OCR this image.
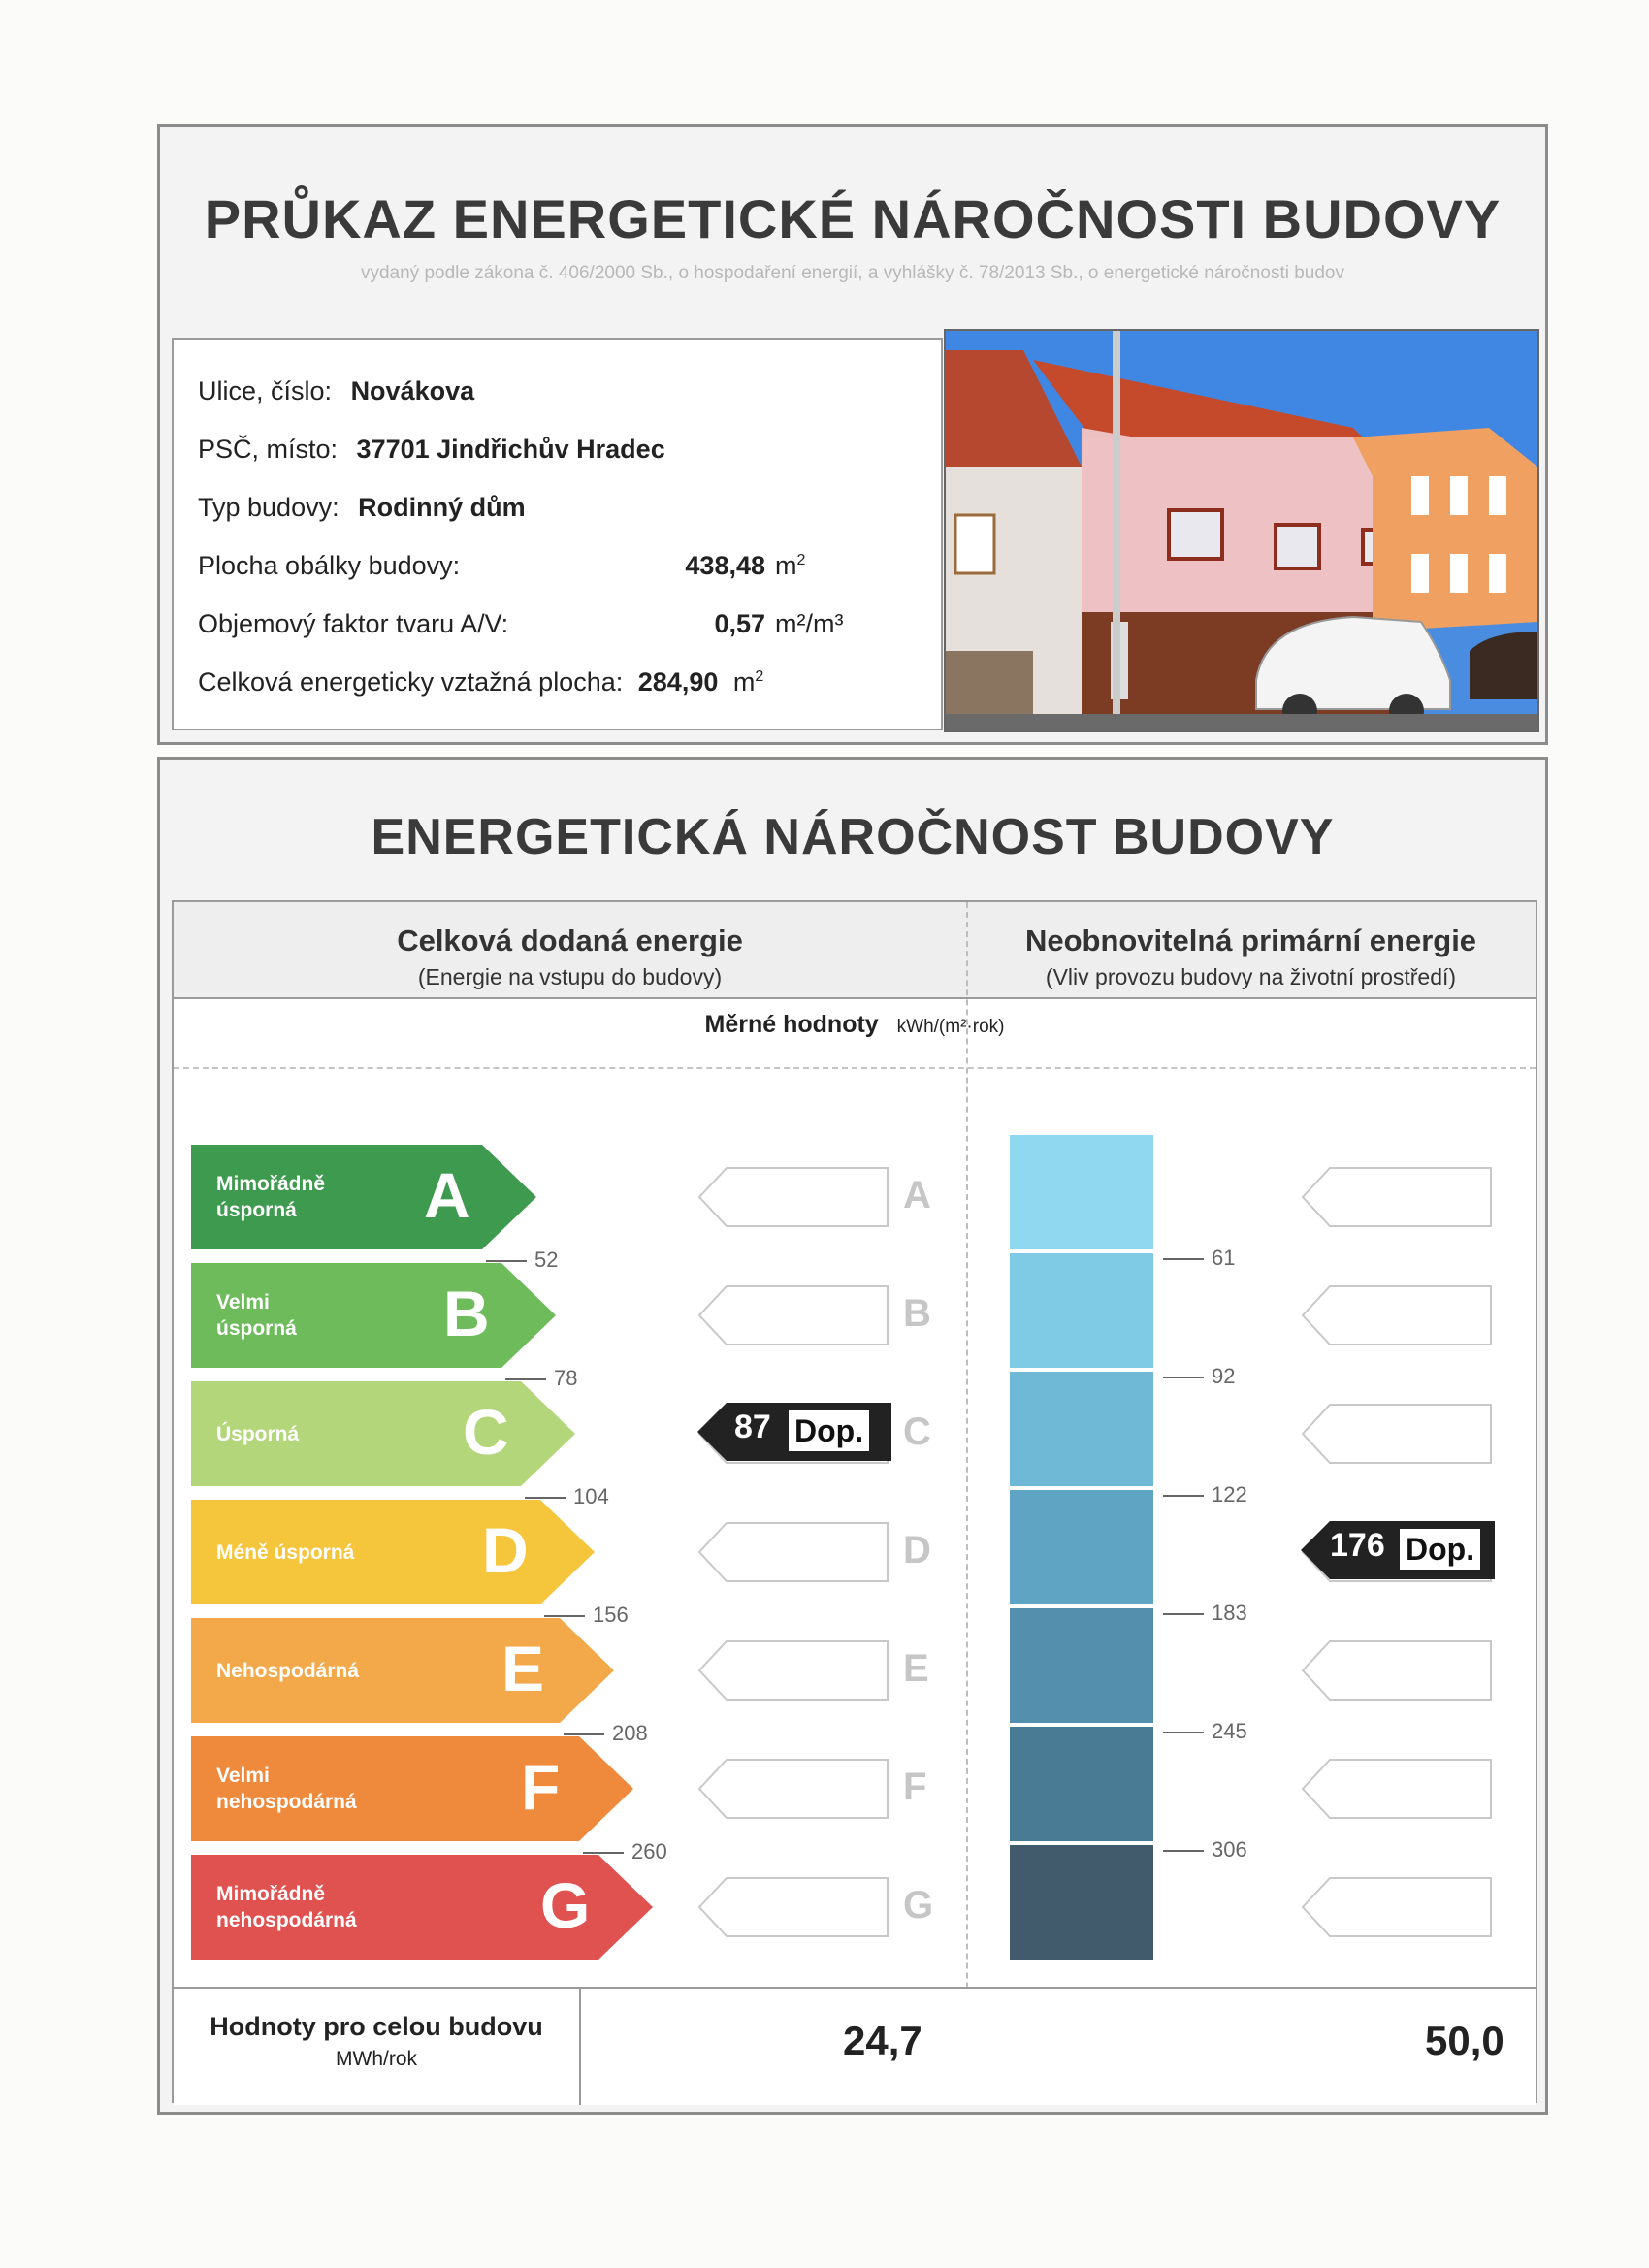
PRŮKAZ ENERGETICKÉ NÁROČNOSTI BUDOVY
vydaný podle zákona č. 406/2000 Sb., o hospodaření energií, a vyhlášky č. 78/2013 Sb., o energetické náročnosti budov
Ulice, číslo: Novákova
PSČ, místo: 37701 Jindřichův Hradec
Typ budovy: Rodinný dům
Plocha obálky budovy:	438,48 $m^2$
Objemový faktor tvaru A/V:	0,57 m²/m³
Celková energeticky vztažná plocha: 284,90 $m^2$
ENERGETICKÁ NÁROČNOST BUDOVY
Celková dodaná energie
(Energie na vstupu do budovy)
Neobnovitelná primární energie
(Vliv provozu budovy na životní prostředí)
Měrné hodnoty kWh/(m²·rok)
Hodnoty pro celou budovu
MWh/rok	24,7	50,0
Mimořádně
úsporná	A	A
Velmi
úsporná B	B
Úsporná	C	C
Méně úsporná D	D
Nehospodárná E	E
Velmi
nehospodárná	F	F
Mimořádně
nehospodárná	G	G
52
78
104
156
208
260
61
92
122
183
245
306
87 Dop.
176 Dop.
